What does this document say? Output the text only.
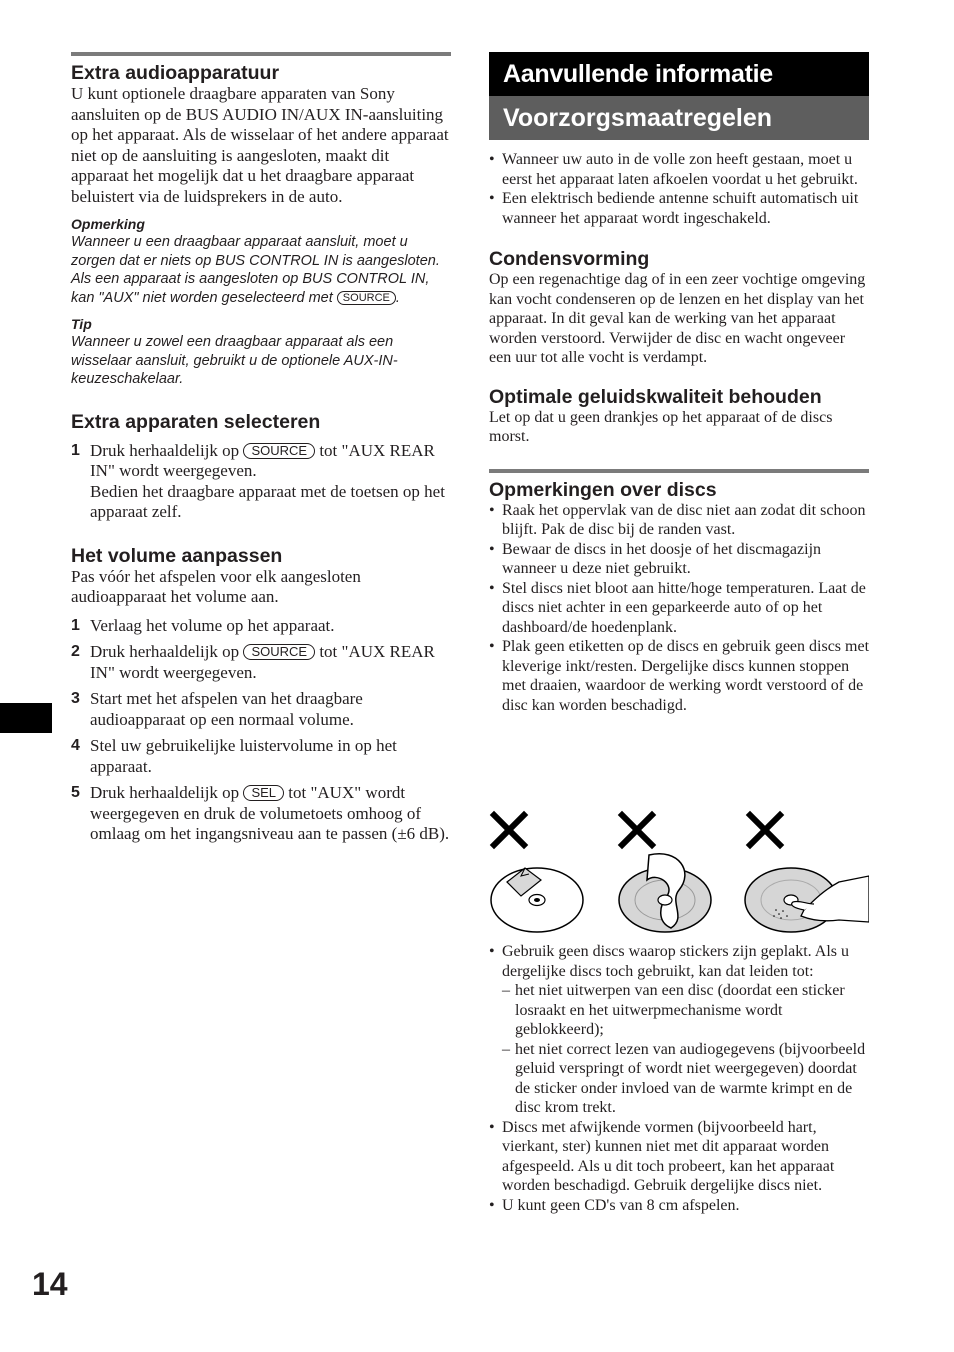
Extra audioapparatuur

U kunt optionele draagbare apparaten van Sony aansluiten op de BUS AUDIO IN/AUX IN-aansluiting op het apparaat. Als de wisselaar of het andere apparaat niet op de aansluiting is aangesloten, maakt dit apparaat het mogelijk dat u het draagbare apparaat beluistert via de luidsprekers in de auto.

Opmerking

Wanneer u een draagbaar apparaat aansluit, moet u zorgen dat er niets op BUS CONTROL IN is aangesloten. Als een apparaat is aangesloten op BUS CONTROL IN, kan "AUX" niet worden geselecteerd met SOURCE .

Tip

Wanneer u zowel een draagbaar apparaat als een wisselaar aansluit, gebruikt u de optionele AUX-IN-keuzeschakelaar.

Extra apparaten selecteren
1 Druk herhaaldelijk op SOURCE tot "AUX REAR IN" wordt weergegeven.
Bedien het draagbare apparaat met de toetsen op het apparaat zelf.
Het volume aanpassen

Pas vóór het afspelen voor elk aangesloten audioapparaat het volume aan.

1 Verlaag het volume op het apparaat.
2 Druk herhaaldelijk op SOURCE tot "AUX REAR IN" wordt weergegeven.
3 Start met het afspelen van het draagbare audioapparaat op een normaal volume.
4 Stel uw gebruikelijke luistervolume in op het apparaat.
5 Druk herhaaldelijk op SEL tot "AUX" wordt weergegeven en druk de volumetoets omhoog of omlaag om het ingangsniveau aan te passen (±6 dB).
Aanvullende informatie
Voorzorgsmaatregelen
• Wanneer uw auto in de volle zon heeft gestaan, moet u eerst het apparaat laten afkoelen voordat u het gebruikt.
• Een elektrisch bediende antenne schuift automatisch uit wanneer het apparaat wordt ingeschakeld.
Condensvorming

Op een regenachtige dag of in een zeer vochtige omgeving kan vocht condenseren op de lenzen en het display van het apparaat. In dit geval kan de werking van het apparaat worden verstoord. Verwijder de disc en wacht ongeveer een uur tot alle vocht is verdampt.

Optimale geluidskwaliteit behouden

Let op dat u geen drankjes op het apparaat of de discs morst.

Opmerkingen over discs
• Raak het oppervlak van de disc niet aan zodat dit schoon blijft. Pak de disc bij de randen vast.
• Bewaar de discs in het doosje of het discmagazijn wanneer u deze niet gebruikt.
• Stel discs niet bloot aan hitte/hoge temperaturen. Laat de discs niet achter in een geparkeerde auto of op het dashboard/de hoedenplank.
• Plak geen etiketten op de discs en gebruik geen discs met kleverige inkt/resten. Dergelijke discs kunnen stoppen met draaien, waardoor de werking wordt verstoord of de disc kan worden beschadigd.
• Gebruik geen discs waarop stickers zijn geplakt. Als u dergelijke discs toch gebruikt, kan dat leiden tot:
– het niet uitwerpen van een disc (doordat een sticker losraakt en het uitwerpmechanisme wordt geblokkeerd);
– het niet correct lezen van audiogegevens (bijvoorbeeld geluid verspringt of wordt niet weergegeven) doordat de sticker onder invloed van de warmte krimpt en de disc krom trekt.
• Discs met afwijkende vormen (bijvoorbeeld hart, vierkant, ster) kunnen niet met dit apparaat worden afgespeeld. Als u dit toch probeert, kan het apparaat worden beschadigd. Gebruik dergelijke discs niet.
• U kunt geen CD's van 8 cm afspelen.
14
